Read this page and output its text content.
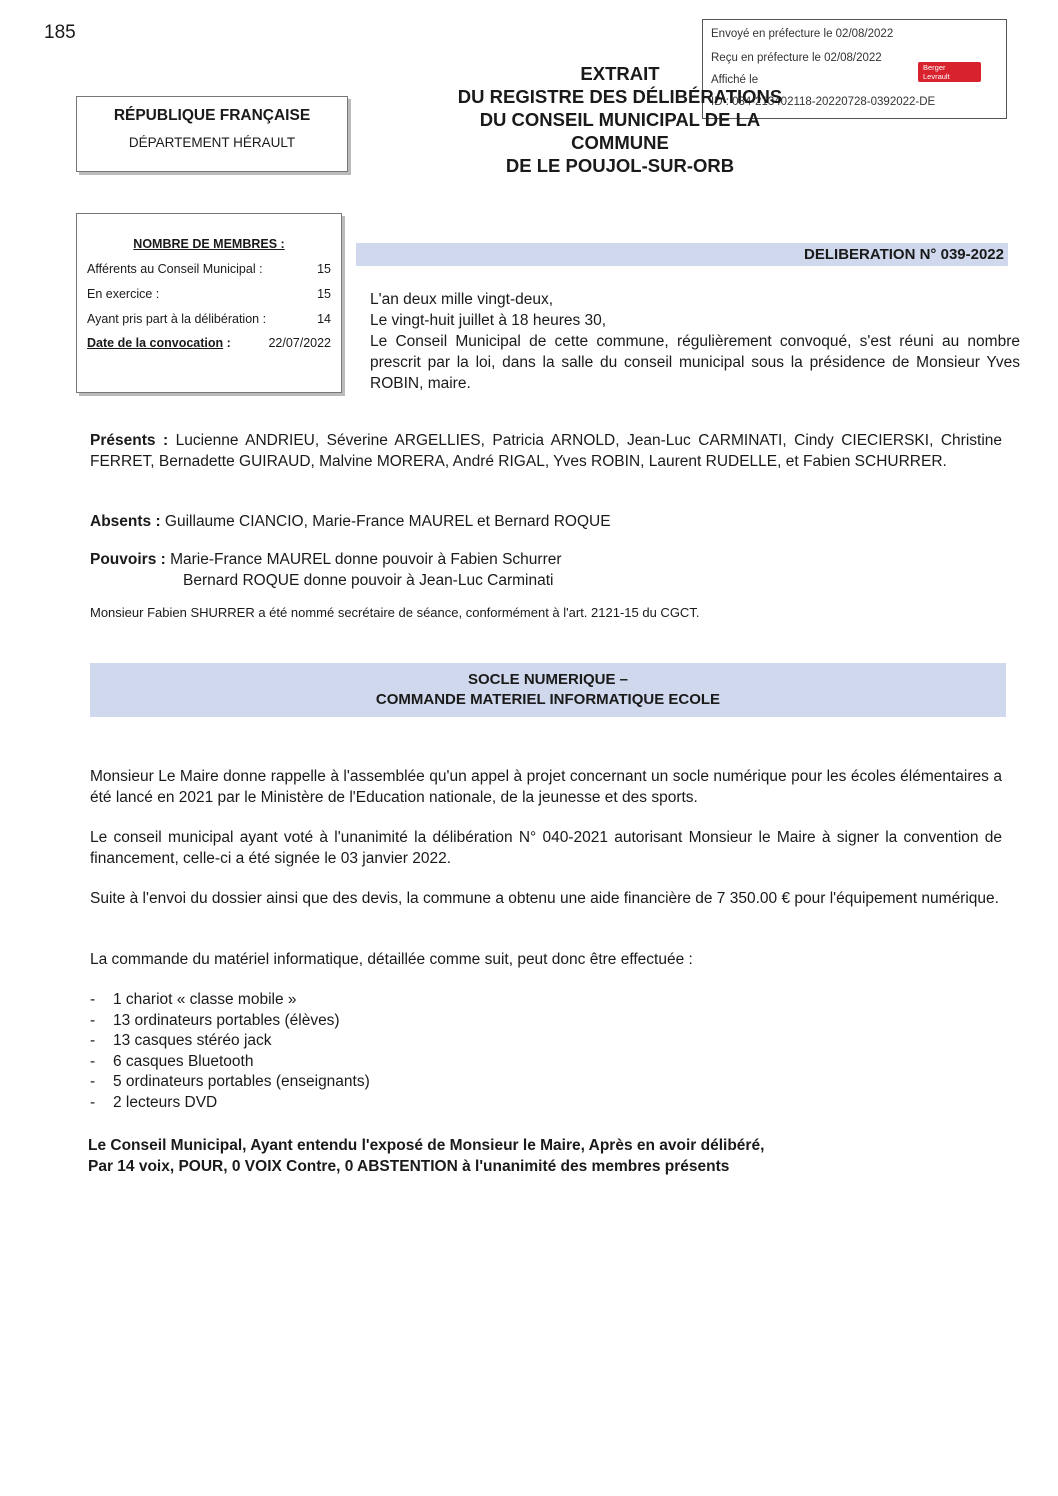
185	Envoyé en préfecture le 02/08/2022
Reçu en préfecture le 02/08/2022
Affiché le
ID : 034-213402118-20220728-0392022-DE
Berger
Levrault
EXTRAIT
DU REGISTRE DES DÉLIBÉRATIONS
DU CONSEIL MUNICIPAL DE LA
COMMUNE
DE LE POUJOL-SUR-ORB
RÉPUBLIQUE FRANÇAISE
DÉPARTEMENT HÉRAULT
NOMBRE DE MEMBRES :
Afférents au Conseil Municipal :	15
En exercice :	15
Ayant pris part à la délibération :	14
Date de la convocation :	22/07/2022
DELIBERATION N° 039-2022

L'an deux mille vingt-deux,

Le vingt-huit juillet à 18 heures 30,

Le Conseil Municipal de cette commune, régulièrement convoqué, s'est réuni au nombre prescrit par la loi, dans la salle du conseil municipal sous la présidence de Monsieur Yves ROBIN, maire.

Présents : Lucienne ANDRIEU, Séverine ARGELLIES, Patricia ARNOLD, Jean-Luc CARMINATI, Cindy CIECIERSKI, Christine FERRET, Bernadette GUIRAUD, Malvine MORERA, André RIGAL, Yves ROBIN, Laurent RUDELLE, et Fabien SCHURRER.

Absents : Guillaume CIANCIO, Marie-France MAUREL et Bernard ROQUE

Pouvoirs : Marie-France MAUREL donne pouvoir à Fabien Schurrer

Bernard ROQUE donne pouvoir à Jean-Luc Carminati

Monsieur Fabien SHURRER a été nommé secrétaire de séance, conformément à l'art. 2121-15 du CGCT.
SOCLE NUMERIQUE –
COMMANDE MATERIEL INFORMATIQUE ECOLE

Monsieur Le Maire donne rappelle à l'assemblée qu'un appel à projet concernant un socle numérique pour les écoles élémentaires a été lancé en 2021 par le Ministère de l'Education nationale, de la jeunesse et des sports.

Le conseil municipal ayant voté à l'unanimité la délibération N° 040-2021 autorisant Monsieur le Maire à signer la convention de financement, celle-ci a été signée le 03 janvier 2022.

Suite à l'envoi du dossier ainsi que des devis, la commune a obtenu une aide financière de 7 350.00 € pour l'équipement numérique.

La commande du matériel informatique, détaillée comme suit, peut donc être effectuée :

- 1 chariot « classe mobile »
- 13 ordinateurs portables (élèves)
- 13 casques stéréo jack
- 6 casques Bluetooth
- 5 ordinateurs portables (enseignants)
- 2 lecteurs DVD

Le Conseil Municipal, Ayant entendu l'exposé de Monsieur le Maire, Après en avoir délibéré,

Par 14 voix, POUR, 0 VOIX Contre, 0 ABSTENTION à l'unanimité des membres présents
